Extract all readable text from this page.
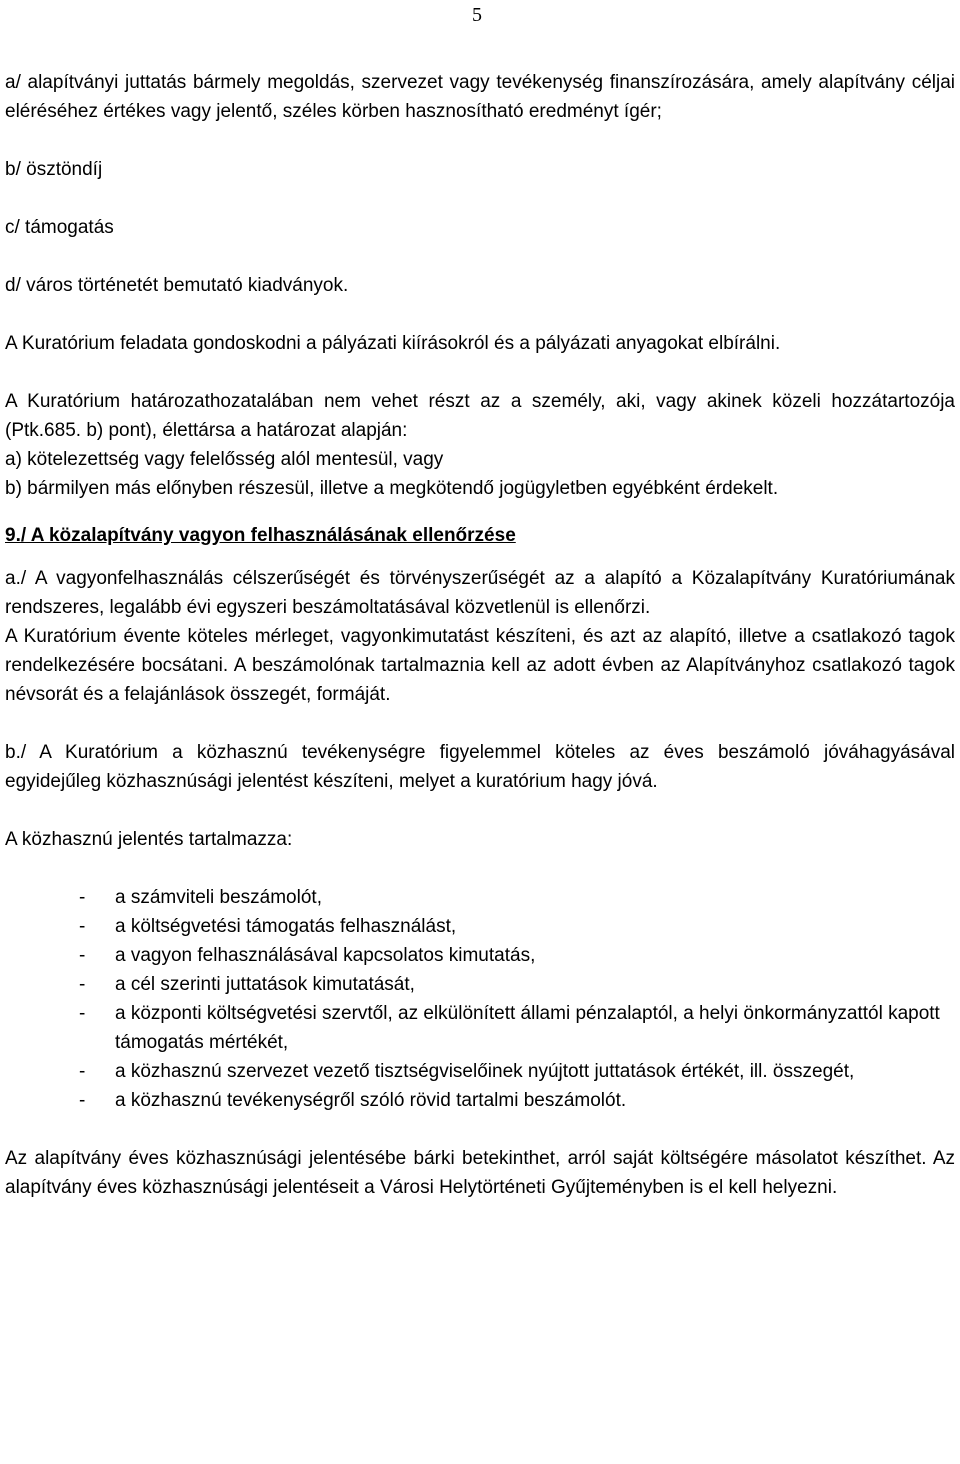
5

a/ alapítványi juttatás bármely megoldás, szervezet vagy tevékenység finanszírozására, amely alapítvány céljai eléréséhez értékes vagy jelentő, széles körben hasznosítható eredményt ígér;

b/ ösztöndíj

c/ támogatás

d/ város történetét bemutató kiadványok.

A Kuratórium feladata gondoskodni a pályázati kiírásokról és a pályázati anyagokat elbírálni.

A Kuratórium határozathozatalában nem vehet részt az a személy, aki, vagy akinek közeli hozzátartozója (Ptk.685. b) pont), élettársa a határozat alapján:

a) kötelezettség vagy felelősség alól mentesül, vagy

b) bármilyen más előnyben részesül, illetve a megkötendő jogügyletben egyébként érdekelt.

9./ A közalapítvány vagyon felhasználásának ellenőrzése

a./ A vagyonfelhasználás célszerűségét és törvényszerűségét az a alapító a Közalapítvány Kuratóriumának rendszeres, legalább évi egyszeri beszámoltatásával közvetlenül is ellenőrzi.

A Kuratórium évente köteles mérleget, vagyonkimutatást készíteni, és azt az alapító, illetve a csatlakozó tagok rendelkezésére bocsátani. A beszámolónak tartalmaznia kell az adott évben az Alapítványhoz csatlakozó tagok névsorát és a felajánlások összegét, formáját.

b./ A Kuratórium a közhasznú tevékenységre figyelemmel köteles az éves beszámoló jóváhagyásával egyidejűleg közhasznúsági jelentést készíteni, melyet a kuratórium hagy jóvá.

A közhasznú jelentés tartalmazza:

- a számviteli beszámolót,
- a költségvetési támogatás felhasználást,
- a vagyon felhasználásával kapcsolatos kimutatás,
- a cél szerinti juttatások kimutatását,
- a központi költségvetési szervtől, az elkülönített állami pénzalaptól, a helyi önkormányzattól kapott támogatás mértékét,
- a közhasznú szervezet vezető tisztségviselőinek nyújtott juttatások értékét, ill. összegét,
- a közhasznú tevékenységről szóló rövid tartalmi beszámolót.

Az alapítvány éves közhasznúsági jelentésébe bárki betekinthet, arról saját költségére másolatot készíthet. Az alapítvány éves közhasznúsági jelentéseit a Városi Helytörténeti Gyűjteményben is el kell helyezni.
